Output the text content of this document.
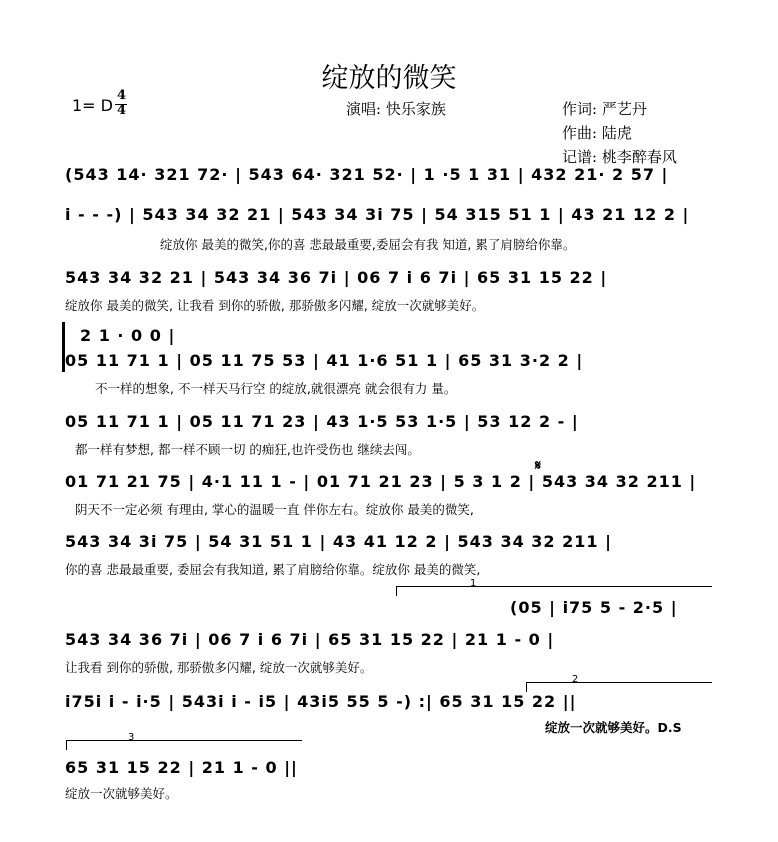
绽放的微笑
1= D
4
4	演唱: 快乐家族	作词: 严艺丹
作曲: 陆虎
记谱: 桃李醉春风
(543 14· 321 72· | 543 64· 321 52· | 1 ·5 1 31 | 432 21· 2 57 |
i - - -) | 543 34 32 21 | 543 34 3i 75 | 54 315 51 1 | 43 21 12 2 |
绽放你 最美的微笑,你的喜 悲最最重要,委屈会有我 知道, 累了肩膀给你靠。
543 34 32 21 | 543 34 36 7i | 06 7 i 6 7i | 65 31 15 22 |
绽放你 最美的微笑, 让我看 到你的骄傲, 那骄傲多闪耀, 绽放一次就够美好。
2 1 · 0 0 |
05 11 71 1 | 05 11 75 53 | 41 1·6 51 1 | 65 31 3·2 2 |
不一样的想象, 不一样天马行空 的绽放,就很漂亮 就会很有力 量。
05 11 71 1 | 05 11 71 23 | 43 1·5 53 1·5 | 53 12 2 - |
都一样有梦想, 都一样不顾一切 的痴狂,也许受伤也 继续去闯。
𝄋
01 71 21 75 | 4·1 11 1 - | 01 71 21 23 | 5 3 1 2 | 543 34 32 211 |
阴天不一定必须 有理由, 掌心的温暖一直 伴你左右。绽放你 最美的微笑,
543 34 3i 75 | 54 31 51 1 | 43 41 12 2 | 543 34 32 211 |
你的喜 悲最最重要, 委屈会有我知道, 累了肩膀给你靠。绽放你 最美的微笑,
1
(05 | i75 5 - 2·5 |
543 34 36 7i | 06 7 i 6 7i | 65 31 15 22 | 21 1 - 0 |
让我看 到你的骄傲, 那骄傲多闪耀, 绽放一次就够美好。
2
i75i i - i·5 | 543i i - i5 | 43i5 55 5 -) :| 65 31 15 22 ||
绽放一次就够美好。D.S
3
65 31 15 22 | 21 1 - 0 ||
绽放一次就够美好。
